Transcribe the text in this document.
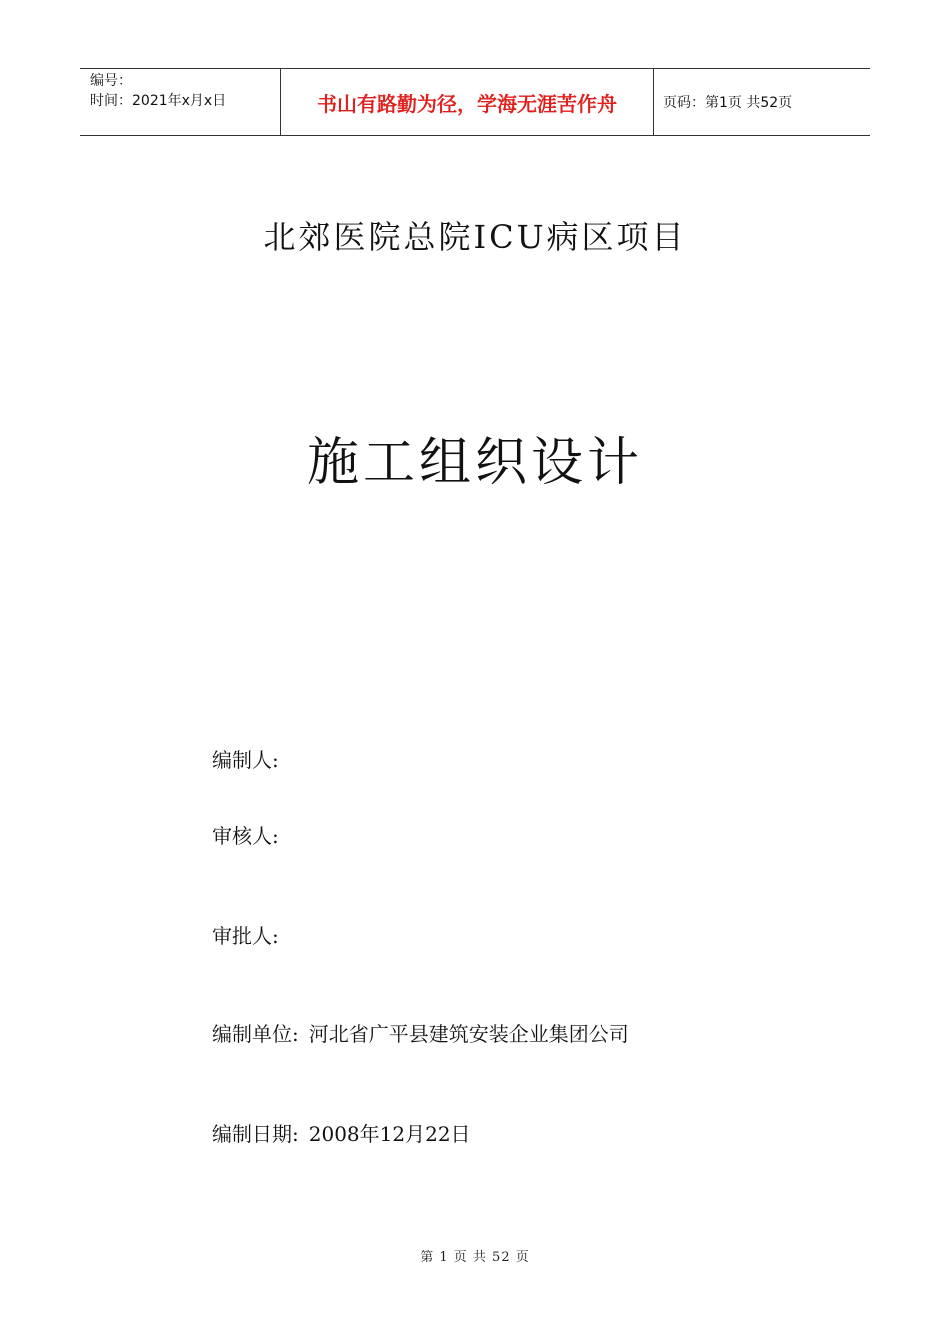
编号：
时间：2021年x月x日	书山有路勤为径，学海无涯苦作舟	页码：第1页 共52页
北郊医院总院ICU病区项目
施工组织设计
编制人:
审核人:
审批人:
编制单位: 河北省广平县建筑安装企业集团公司
编制日期: 2008年12月22日
第 1 页 共 52 页
